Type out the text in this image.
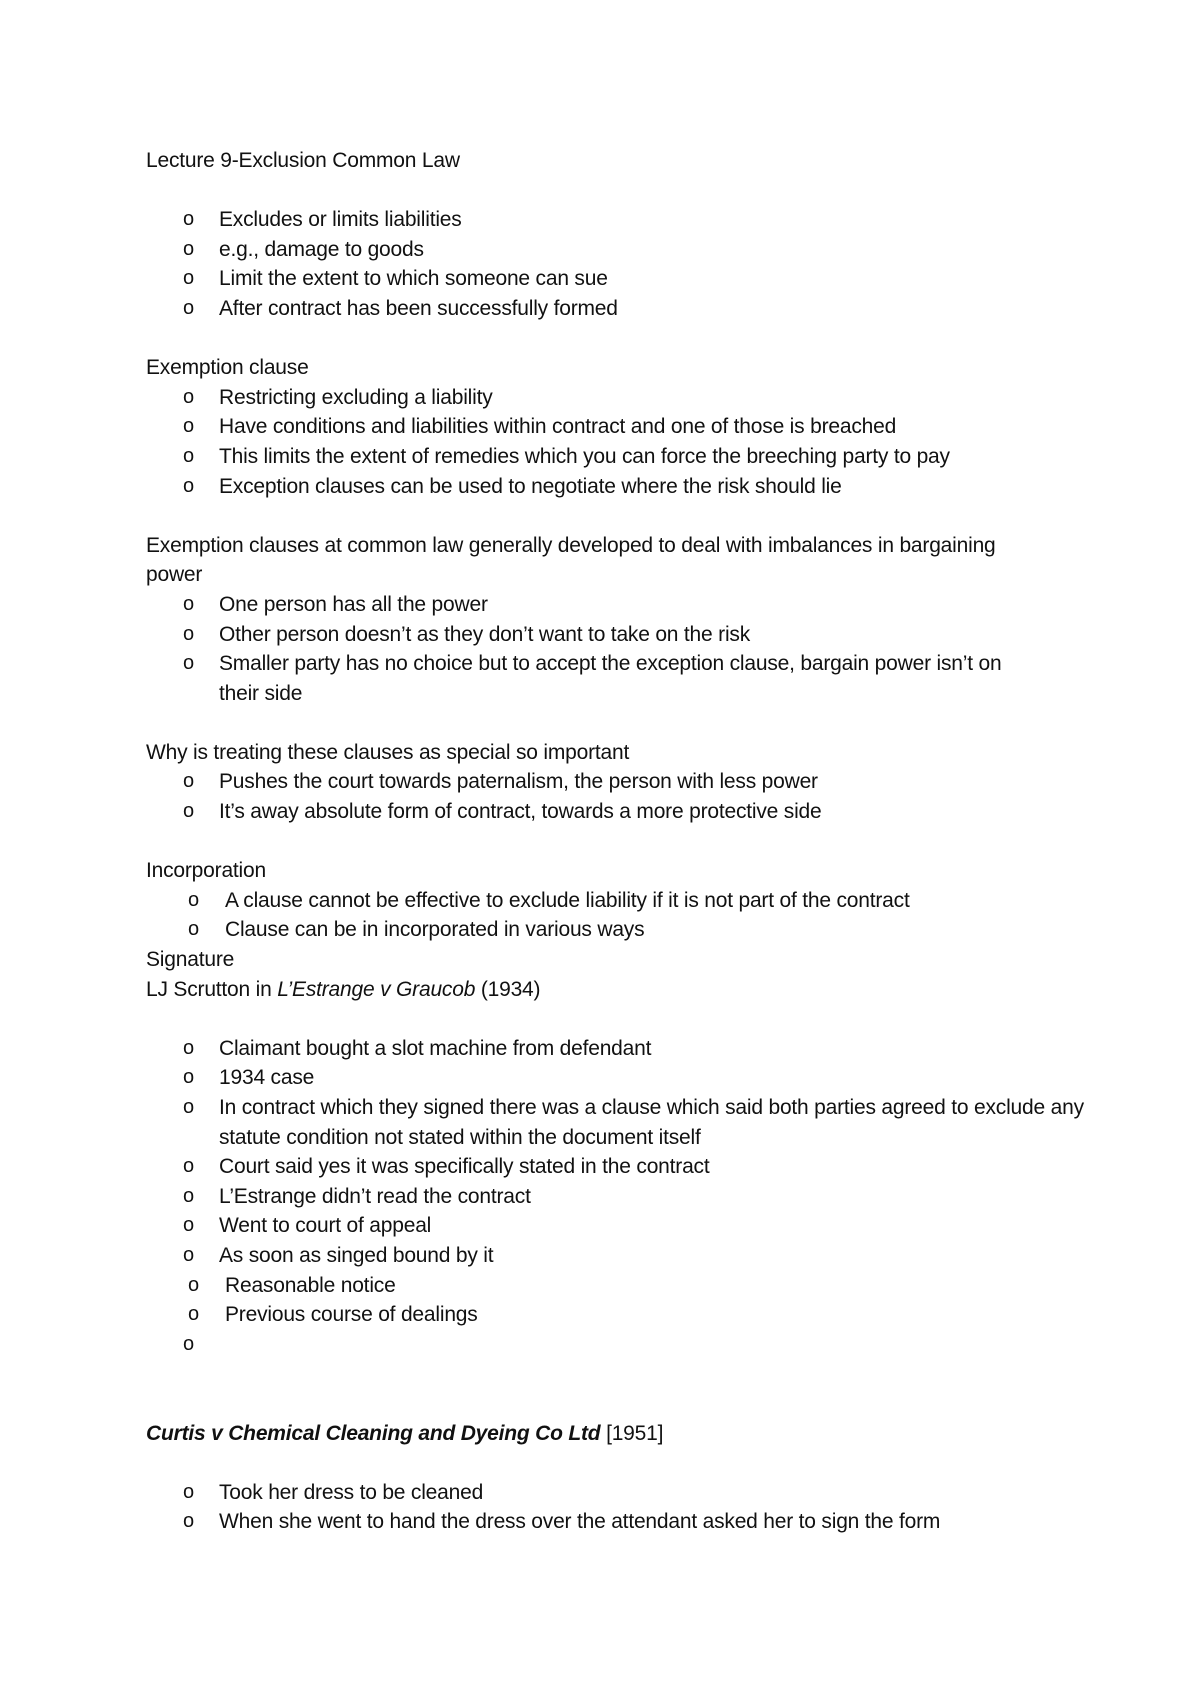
Lecture 9-Exclusion Common Law

o	Excludes or limits liabilities
o	e.g., damage to goods
o	Limit the extent to which someone can sue
o	After contract has been successfully formed

Exemption clause

o	Restricting excluding a liability
o	Have conditions and liabilities within contract and one of those is breached
o	This limits the extent of remedies which you can force the breeching party to pay
o	Exception clauses can be used to negotiate where the risk should lie

Exemption clauses at common law generally developed to deal with imbalances in bargaining power

o	One person has all the power
o	Other person doesn’t as they don’t want to take on the risk
o	Smaller party has no choice but to accept the exception clause, bargain power isn’t on their side

Why is treating these clauses as special so important

o	Pushes the court towards paternalism, the person with less power
o	It’s away absolute form of contract, towards a more protective side

Incorporation

o	A clause cannot be effective to exclude liability if it is not part of the contract
o	Clause can be in incorporated in various ways

Signature

LJ Scrutton in L’Estrange v Graucob (1934)

o	Claimant bought a slot machine from defendant
o	1934 case
o	In contract which they signed there was a clause which said both parties agreed to exclude any statute condition not stated within the document itself
o	Court said yes it was specifically stated in the contract
o	L’Estrange didn’t read the contract
o	Went to court of appeal
o	As soon as singed bound by it
o	Reasonable notice
o	Previous course of dealings
o

Curtis v Chemical Cleaning and Dyeing Co Ltd [1951]

o	Took her dress to be cleaned
o	When she went to hand the dress over the attendant asked her to sign the form
